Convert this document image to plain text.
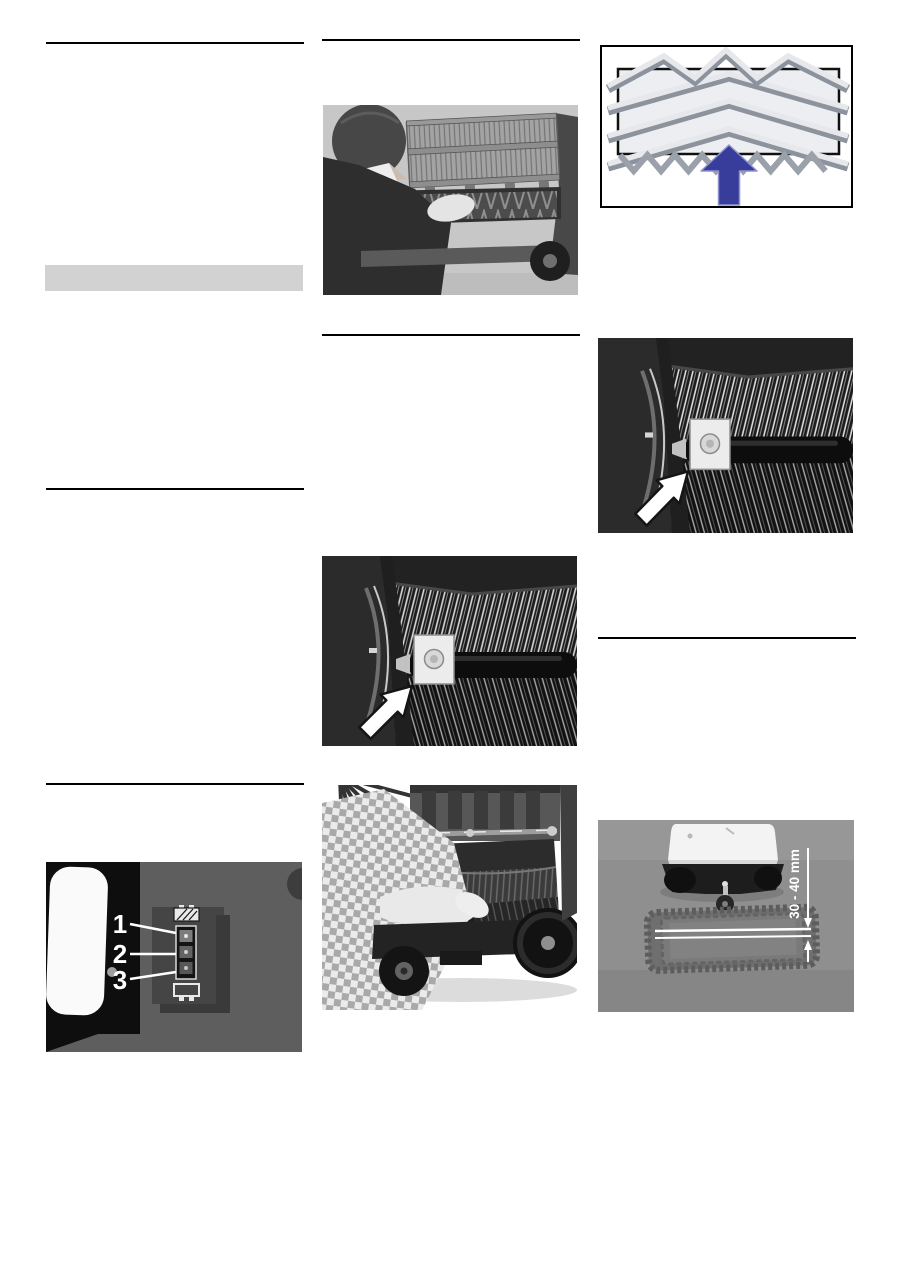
1
2
3
30 - 40 mm
